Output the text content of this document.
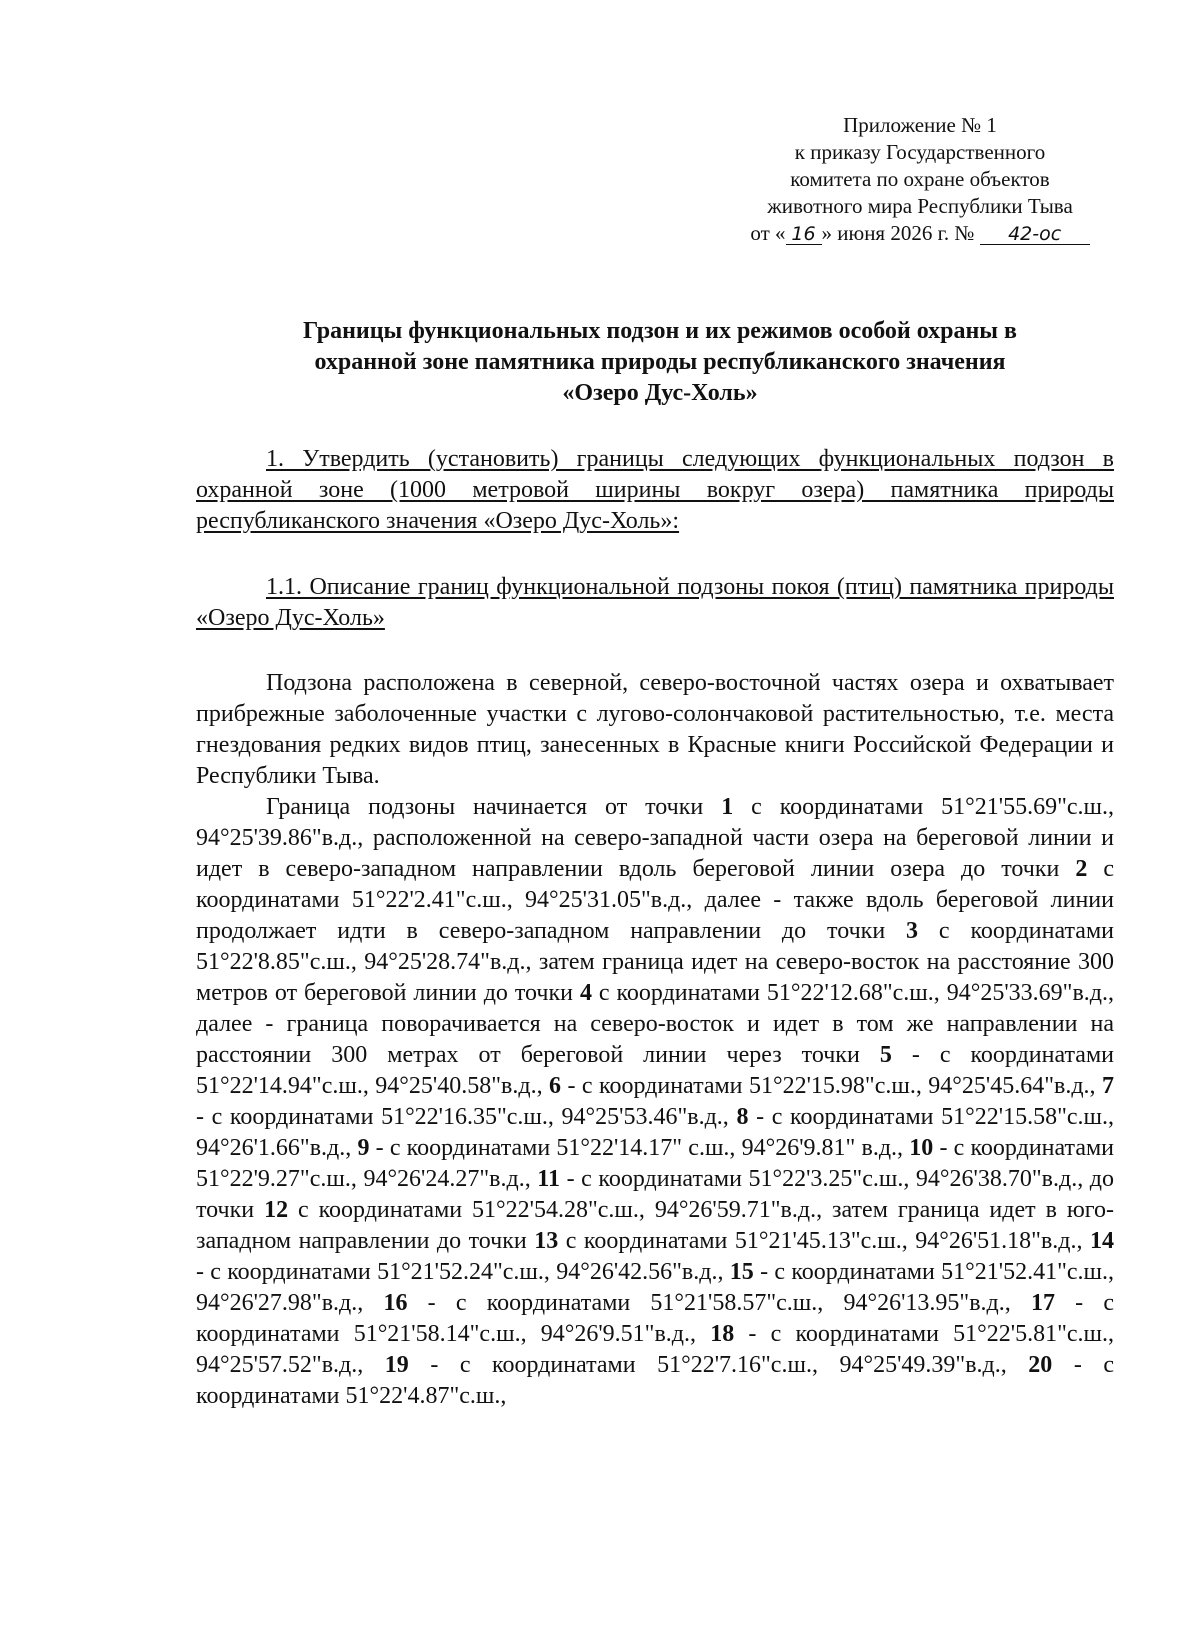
Приложение № 1
к приказу Государственного
комитета по охране объектов
животного мира Республики Тыва
от « 16 » июня 2026 г. № 42-ос
Границы функциональных подзон и их режимов особой охраны в
охранной зоне памятника природы республиканского значения
«Озеро Дус-Холь»
1. Утвердить (установить) границы следующих функциональных подзон в охранной зоне (1000 метровой ширины вокруг озера) памятника природы республиканского значения «Озеро Дус-Холь»:
1.1. Описание границ функциональной подзоны покоя (птиц) памятника природы «Озеро Дус-Холь»
Подзона расположена в северной, северо-восточной частях озера и охватывает прибрежные заболоченные участки с лугово-солончаковой растительностью, т.е. места гнездования редких видов птиц, занесенных в Красные книги Российской Федерации и Республики Тыва.
Граница подзоны начинается от точки 1 с координатами 51°21'55.69"с.ш., 94°25'39.86"в.д., расположенной на северо-западной части озера на береговой линии и идет в северо-западном направлении вдоль береговой линии озера до точки 2 с координатами 51°22'2.41"с.ш., 94°25'31.05"в.д., далее - также вдоль береговой линии продолжает идти в северо-западном направлении до точки 3 с координатами 51°22'8.85"с.ш., 94°25'28.74"в.д., затем граница идет на северо-восток на расстояние 300 метров от береговой линии до точки 4 с координатами 51°22'12.68"с.ш., 94°25'33.69"в.д., далее - граница поворачивается на северо-восток и идет в том же направлении на расстоянии 300 метрах от береговой линии через точки 5 - с координатами 51°22'14.94"с.ш., 94°25'40.58"в.д., 6 - с координатами 51°22'15.98"с.ш., 94°25'45.64"в.д., 7 - с координатами 51°22'16.35"с.ш., 94°25'53.46"в.д., 8 - с координатами 51°22'15.58"с.ш., 94°26'1.66"в.д., 9 - с координатами 51°22'14.17" с.ш., 94°26'9.81" в.д., 10 - с координатами 51°22'9.27"с.ш., 94°26'24.27"в.д., 11 - с координатами 51°22'3.25"с.ш., 94°26'38.70"в.д., до точки 12 с координатами 51°22'54.28"с.ш., 94°26'59.71"в.д., затем граница идет в юго-западном направлении до точки 13 с координатами 51°21'45.13"с.ш., 94°26'51.18"в.д., 14 - с координатами 51°21'52.24"с.ш., 94°26'42.56"в.д., 15 - с координатами 51°21'52.41"с.ш., 94°26'27.98"в.д., 16 - с координатами 51°21'58.57"с.ш., 94°26'13.95"в.д., 17 - с координатами 51°21'58.14"с.ш., 94°26'9.51"в.д., 18 - с координатами 51°22'5.81"с.ш., 94°25'57.52"в.д., 19 - с координатами 51°22'7.16"с.ш., 94°25'49.39"в.д., 20 - с координатами 51°22'4.87"с.ш.,
